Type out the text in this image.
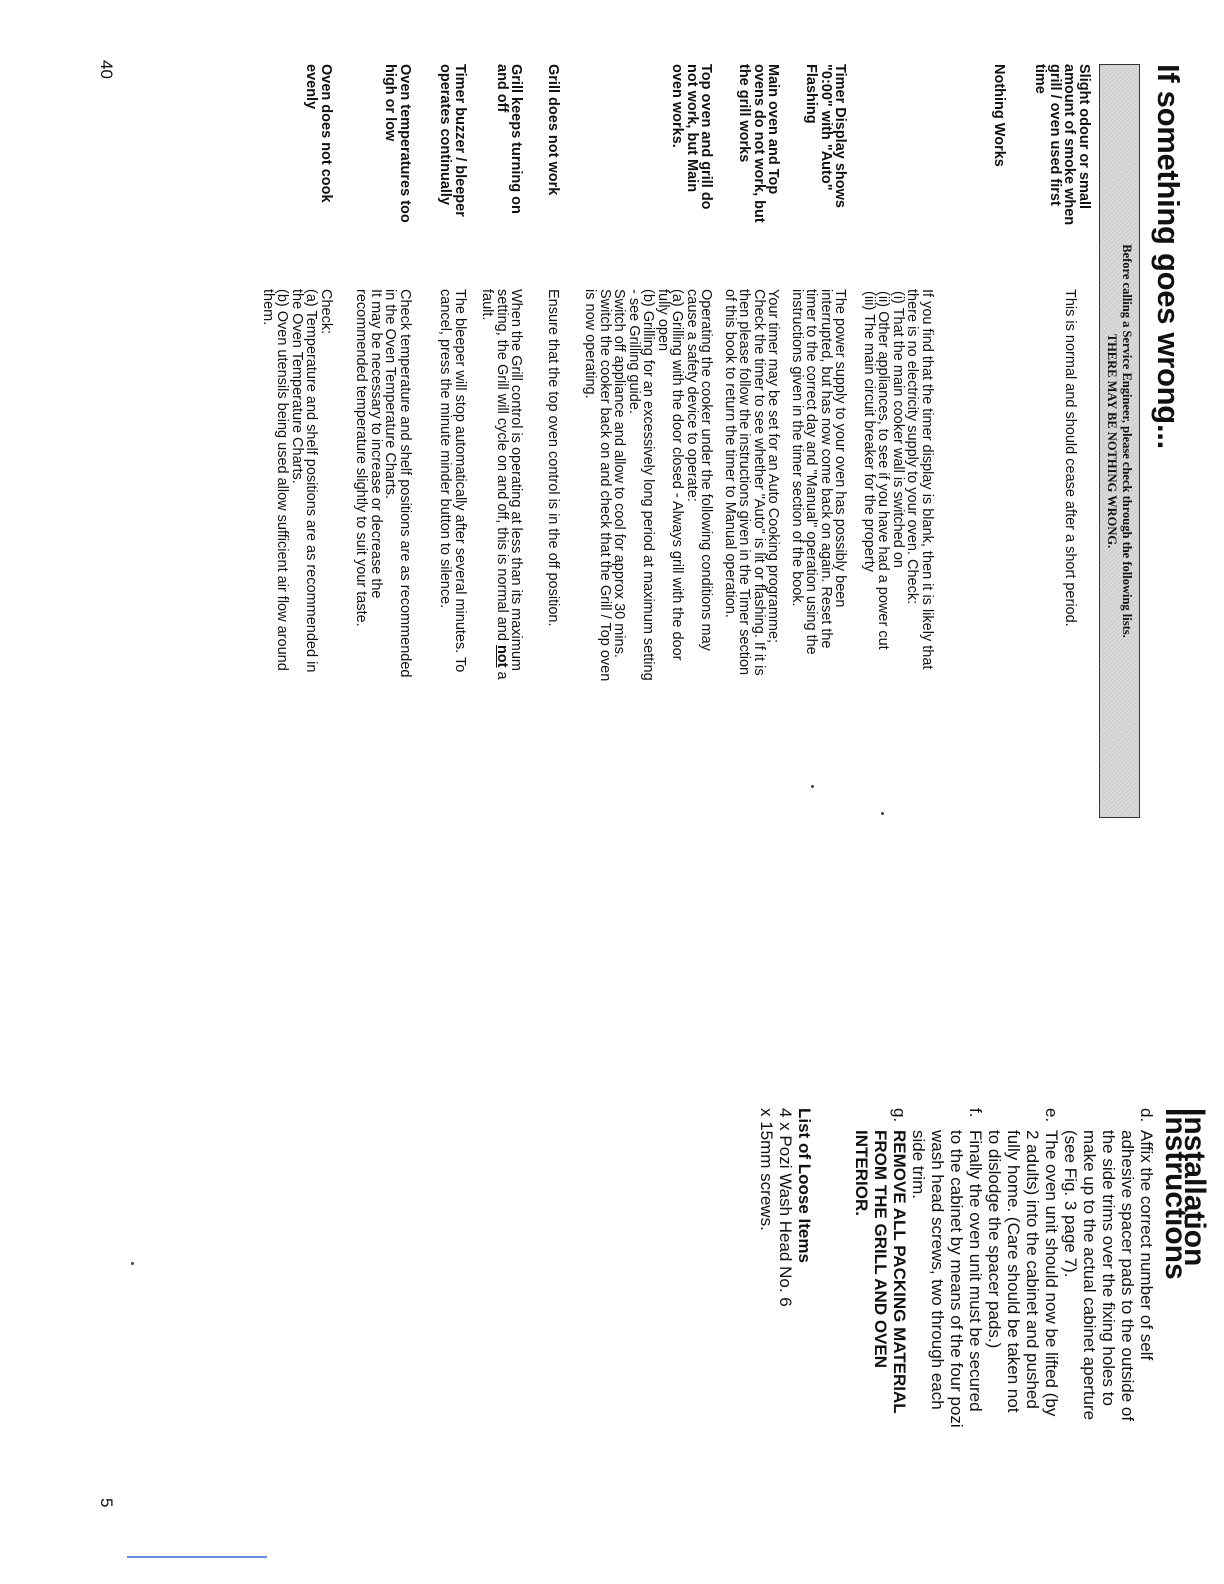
If something goes wrong...
Before calling a Service Engineer, please check through the following lists.
THERE MAY BE NOTHING WRONG.
Slight odour or small amount of smoke when grill / oven used first time

This is normal and should cease after a short period.

Nothing Works

If you find that the timer display is blank, then it is likely that

there is no electricity supply to your oven. Check:

(i) That the main cooker wall is switched on

(ii) Other appliances, to see if you have had a power cut

(iii) The main circuit breaker for the property

Timer Display shows "0:00" with "Auto" Flashing

The power supply to your oven has possibly been

interrupted, but has now come back on again. Reset the

timer to the correct day and "Manual" operation using the

instructions given in the timer section of the book.

Main oven and Top ovens do not work, but the grill works

Your timer may be set for an Auto Cooking programme;

Check the timer to see whether "Auto" is lit or flashing. If it is

then please follow the instructions given in the Timer section

of this book to return the timer to Manual operation.

Top oven and grill do not work, but Main oven works.

Operating the cooker under the following conditions may

cause a safety device to operate:

(a) Grilling with the door closed - Always grill with the door

fully open

(b) Grilling for an excessively long period at maximum setting

- see Grilling guide.

Switch off appliance and allow to cool for approx 30 mins.

Switch the cooker back on and check that the Grill / Top oven

is now operating.

Grill does not work

Ensure that the top oven control is in the off position.

Grill keeps turning on and off

When the Grill control is operating at less than its maximum

setting, the Grill will cycle on and off, this is normal and not a

fault.

Timer buzzer / bleeper operates continually

The bleeper will stop automatically after several minutes. To

cancel, press the minute minder button to silence.

Oven temperatures too high or low

Check temperature and shelf positions are as recommended

in the Oven Temperature Charts.

It may be necessary to increase or decrease the

recommended temperature slightly to suit your taste.

Oven does not cook evenly

Check:

(a) Temperature and shelf positions are as recommended in

the Oven Temperature Charts.

(b) Oven utensils being used allow sufficient air flow around

them.

Installation Instructions
d.
Affix the correct number of self adhesive spacer pads to the outside of the side trims over the fixing holes to make up to the actual cabinet aperture (see Fig. 3 page 7).
e.
The oven unit should now be lifted (by 2 adults) into the cabinet and pushed fully home. (Care should be taken not to dislodge the spacer pads.)
f.
Finally the oven unit must be secured to the cabinet by means of the four pozi wash head screws, two through each side trim.
g.
REMOVE ALL PACKING MATERIAL FROM THE GRILL AND OVEN INTERIOR.
List of Loose Items
4 x Pozi Wash Head No. 6 x 15mm screws.
40
5
